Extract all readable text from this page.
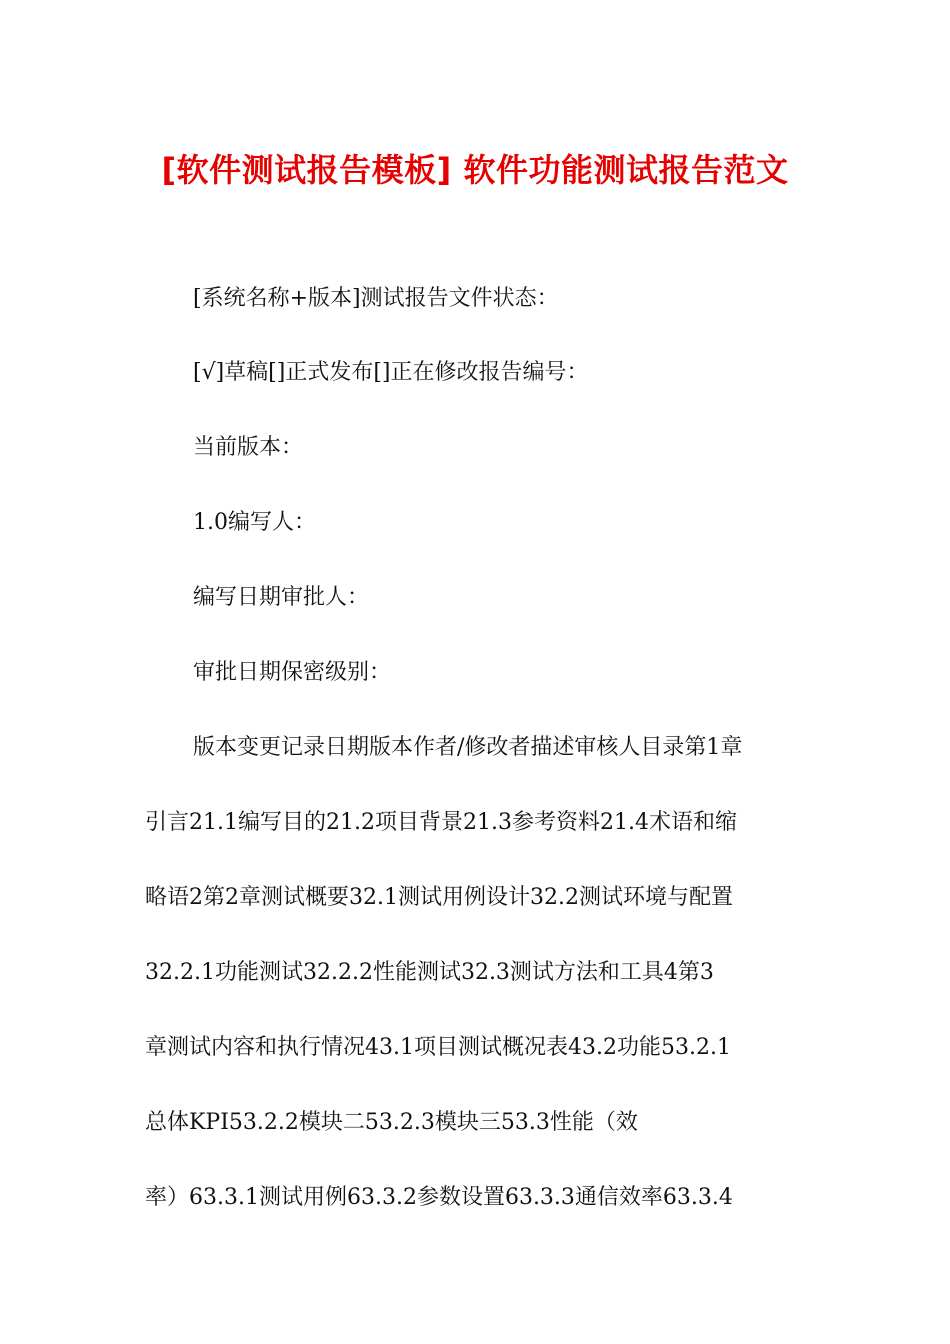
[软件测试报告模板] 软件功能测试报告范文
[系统名称+版本]测试报告文件状态：
[√]草稿[]正式发布[]正在修改报告编号：
当前版本：
1.0编写人：
编写日期审批人：
审批日期保密级别：
版本变更记录日期版本作者/修改者描述审核人目录第1章
引言21.1编写目的21.2项目背景21.3参考资料21.4术语和缩
略语2第2章测试概要32.1测试用例设计32.2测试环境与配置
32.2.1功能测试32.2.2性能测试32.3测试方法和工具4第3
章测试内容和执行情况43.1项目测试概况表43.2功能53.2.1
总体KPI53.2.2模块二53.2.3模块三53.3性能（效
率）63.3.1测试用例63.3.2参数设置63.3.3通信效率63.3.4
